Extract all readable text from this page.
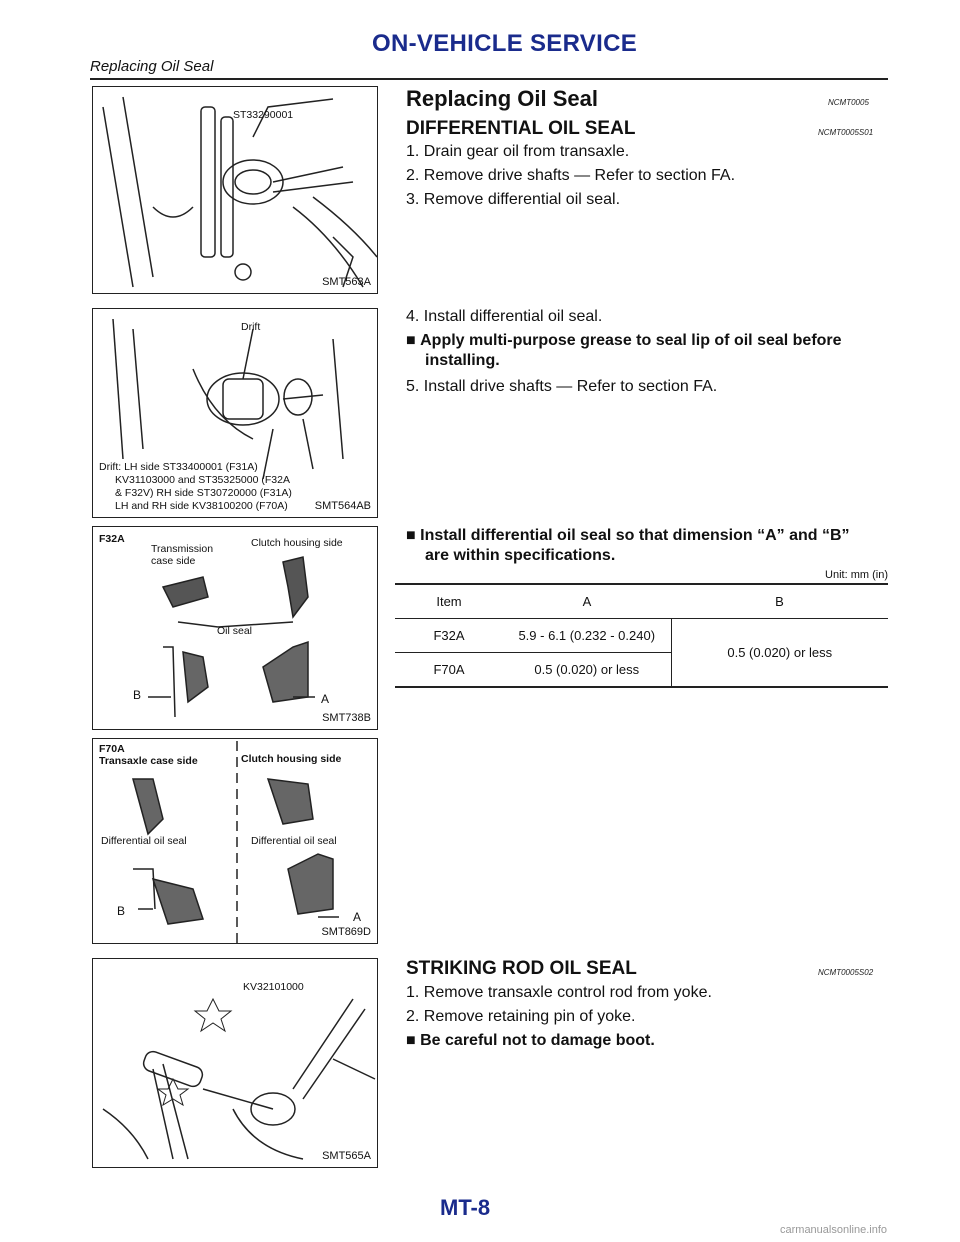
ON-VEHICLE SERVICE
Replacing Oil Seal
ST33290001
SMT563A
Drift
Drift: LH side ST33400001 (F31A)
KV31103000 and ST35325000 (F32A
& F32V) RH side ST30720000 (F31A)
LH and RH side KV38100200 (F70A) SMT564AB
F32A
Transmission
case side
Clutch housing side
Oil seal
B	A
SMT738B
F70A
Transaxle case side	Clutch housing side
Differential oil seal	Differential oil seal
B	A
SMT869D
KV32101000
SMT565A
Replacing Oil Seal	NCMT0005
DIFFERENTIAL OIL SEAL	NCMT0005S01
1. Drain gear oil from transaxle.
2. Remove drive shafts — Refer to section FA.
3. Remove differential oil seal.
4. Install differential oil seal.
■ Apply multi-purpose grease to seal lip of oil seal before
installing.
5. Install drive shafts — Refer to section FA.
■ Install differential oil seal so that dimension “A” and “B”
are within specifications.
Unit: mm (in)
Item	A	B
F32A	5.9 - 6.1 (0.232 - 0.240)	0.5 (0.020) or less
F70A	0.5 (0.020) or less	
STRIKING ROD OIL SEAL	NCMT0005S02
1. Remove transaxle control rod from yoke.
2. Remove retaining pin of yoke.
■ Be careful not to damage boot.
MT-8
carmanualsonline.info
